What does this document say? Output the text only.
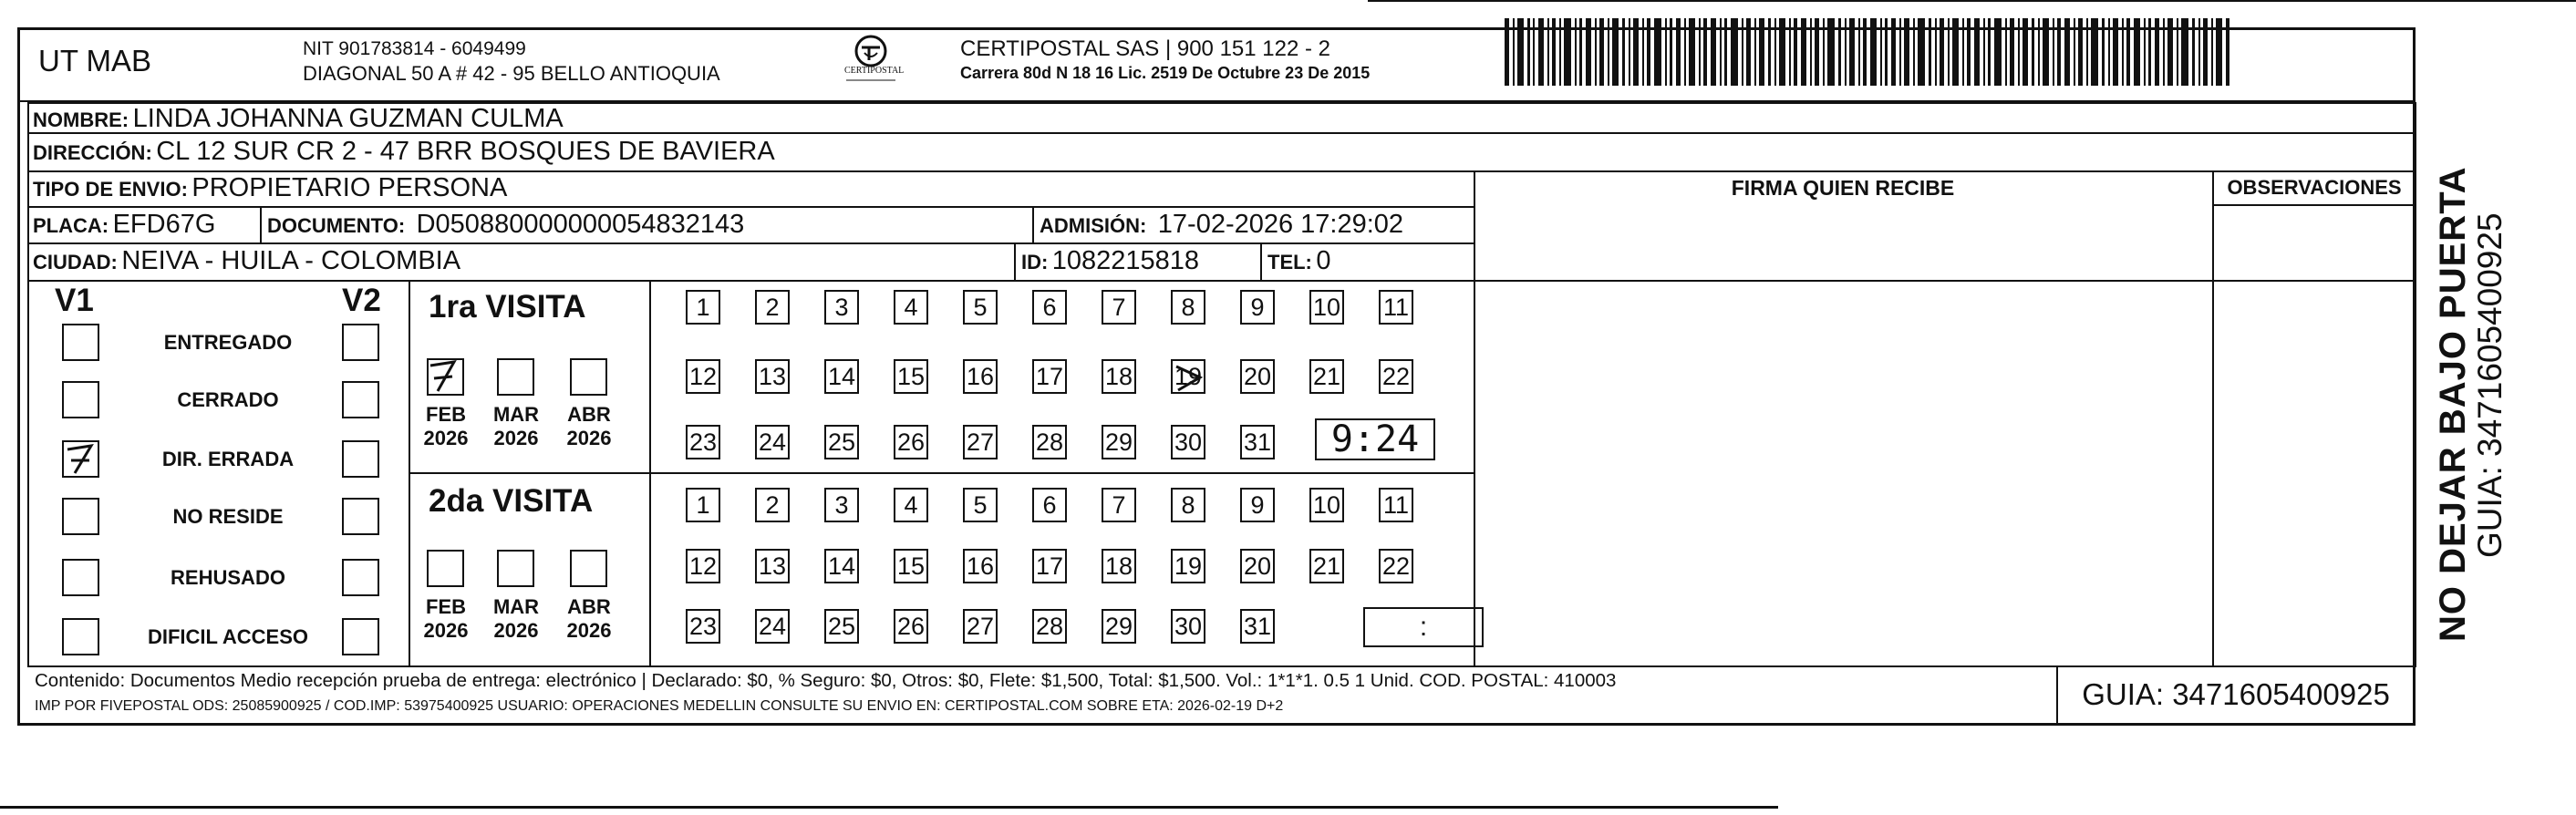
UT MAB	NIT 901783814 - 6049499
DIAGONAL 50 A # 42 - 95 BELLO ANTIOQUIA	CERTIPOSTAL
CERTIPOSTAL SAS | 900 151 122 - 2
Carrera 80d N 18 16 Lic. 2519 De Octubre 23 De 2015
NOMBRE: LINDA JOHANNA GUZMAN CULMA
DIRECCIÓN: CL 12 SUR CR 2 - 47 BRR BOSQUES DE BAVIERA
TIPO DE ENVIO: PROPIETARIO PERSONA
PLACA: EFD67G	DOCUMENTO: D050880000000054832143	ADMISIÓN: 17-02-2026 17:29:02
CIUDAD: NEIVA - HUILA - COLOMBIA	ID: 1082215818	TEL: 0
FIRMA QUIEN RECIBE	OBSERVACIONES
V1	V2
ENTREGADO
CERRADO
DIR. ERRADA
NO RESIDE
REHUSADO
DIFICIL ACCESO
1ra VISITA
FEB
2026
MAR
2026
ABR
2026
1	2	3	4	5	6	7	8	9	10 11
12 13 14 15 16 17 18 19 20 21 22
23 24 25 26 27 28 29 30 31	9:24
2da VISITA
FEB
2026
MAR
2026
ABR
2026
1	2	3	4	5	6	7	8	9	10 11
12 13 14 15 16 17 18 19 20 21 22
23 24 25 26 27 28 29 30 31	:
Contenido: Documentos Medio recepción prueba de entrega: electrónico | Declarado: $0, % Seguro: $0, Otros: $0, Flete: $1,500, Total: $1,500. Vol.: 1*1*1. 0.5 1 Unid. COD. POSTAL: 410003
IMP POR FIVEPOSTAL ODS: 25085900925 / COD.IMP: 53975400925 USUARIO: OPERACIONES MEDELLIN CONSULTE SU ENVIO EN: CERTIPOSTAL.COM SOBRE ETA: 2026-02-19 D+2	GUIA: 3471605400925
NO DEJAR BAJO PUERTA
GUIA: 3471605400925
